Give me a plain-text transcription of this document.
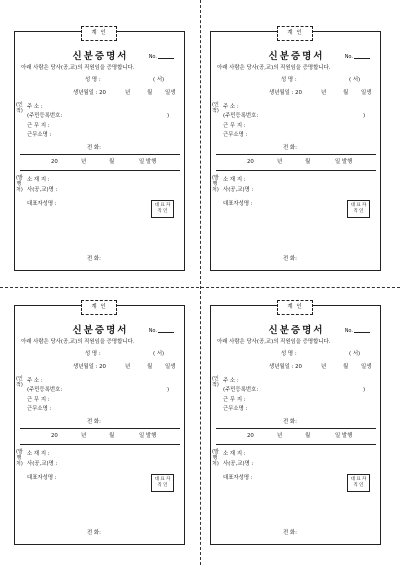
계 인
신분증명서	No.
아래 사람은 당사(공,교)의 직원임을 증명합니다.
성 명 :	( 서)
생년월일 : 20	년	월 일생
(인적)
주 소 :
(주민등록번호:	)
근 무 지 :
근무소명 :
전 화:
20	년	월	일 발행
(발행처)
소 재 지 :
사(공,교)명 :
대표자성명 :	대 표 자
직 인
전 화:
계 인
신분증명서	No.
아래 사람은 당사(공,교)의 직원임을 증명합니다.
성 명 :	( 서)
생년월일 : 20	년	월 일생
(인적)
주 소 :
(주민등록번호:	)
근 무 지 :
근무소명 :
전 화:
20	년	월	일 발행
(발행처)
소 재 지 :
사(공,교)명 :
대표자성명 :	대 표 자
직 인
전 화:
계 인
신분증명서	No.
아래 사람은 당사(공,교)의 직원임을 증명합니다.
성 명 :	( 서)
생년월일 : 20	년	월 일생
(인적)
주 소 :
(주민등록번호:	)
근 무 지 :
근무소명 :
전 화:
20	년	월	일 발행
(발행처)
소 재 지 :
사(공,교)명 :
대표자성명 :	대 표 자
직 인
전 화:
계 인
신분증명서	No.
아래 사람은 당사(공,교)의 직원임을 증명합니다.
성 명 :	( 서)
생년월일 : 20	년	월 일생
(인적)
주 소 :
(주민등록번호:	)
근 무 지 :
근무소명 :
전 화:
20	년	월	일 발행
(발행처)
소 재 지 :
사(공,교)명 :
대표자성명 :	대 표 자
직 인
전 화:
